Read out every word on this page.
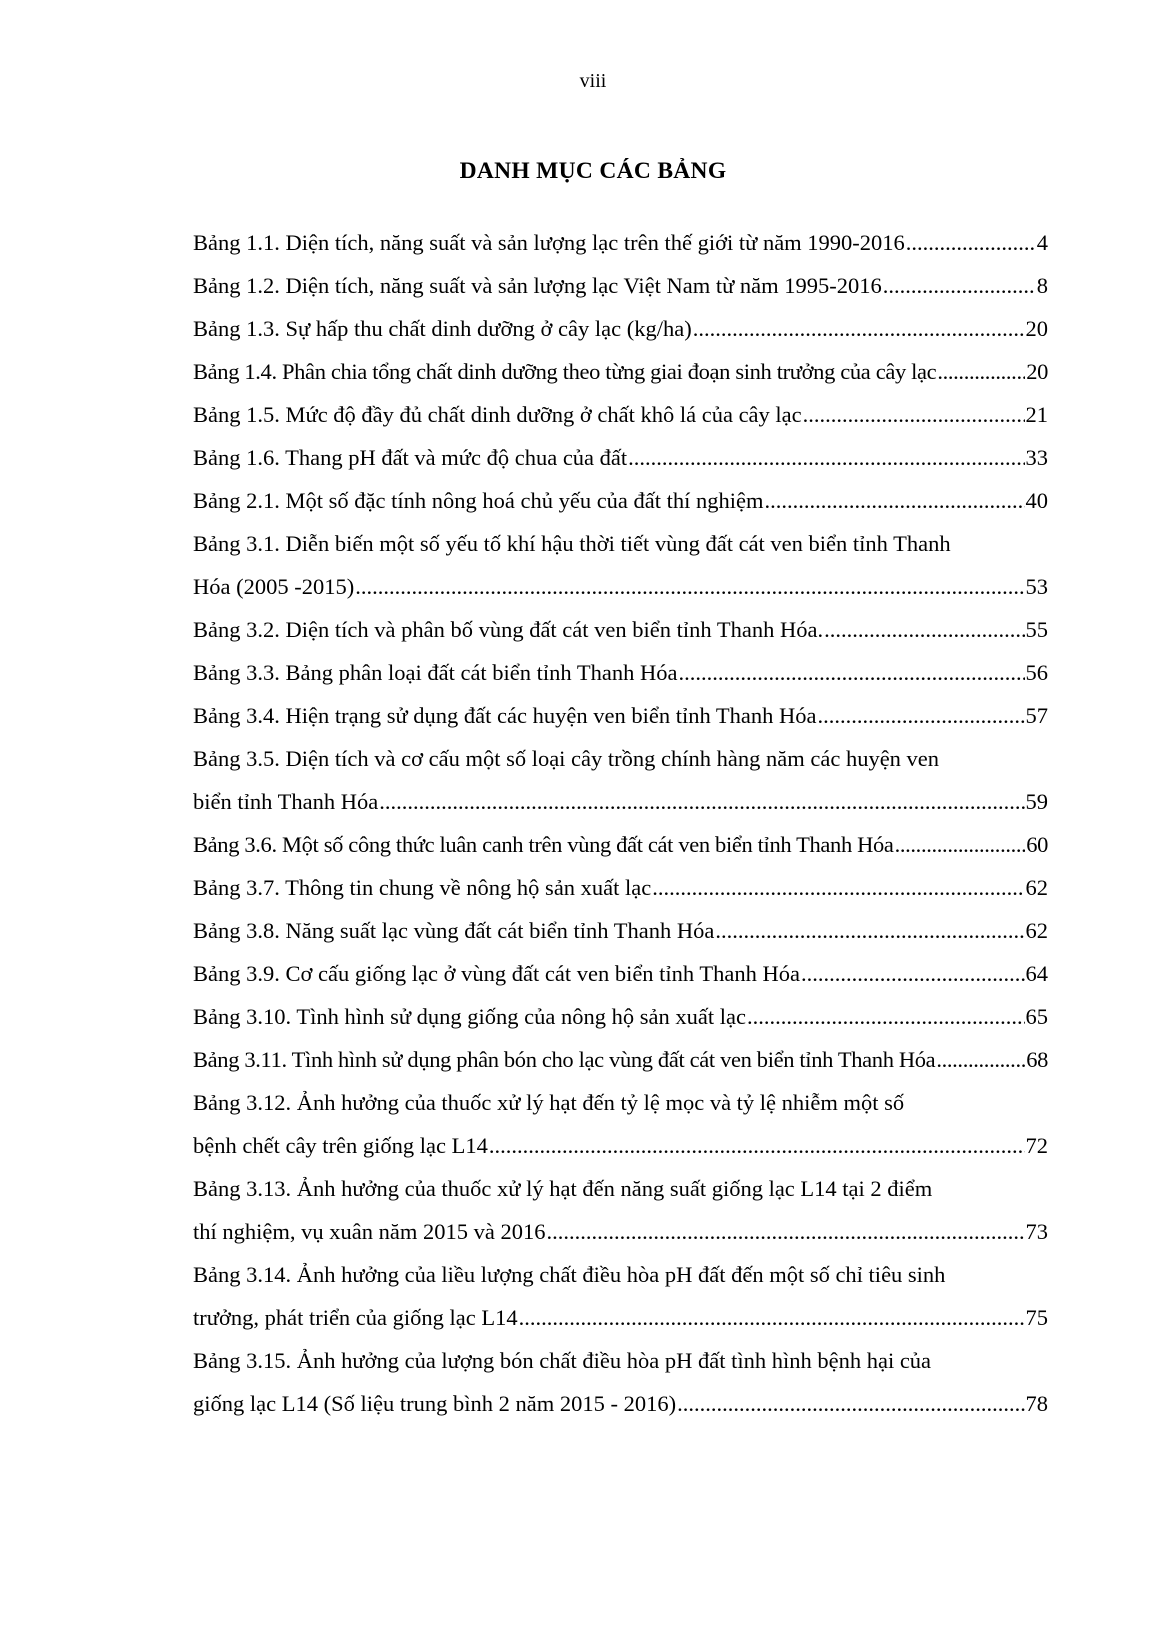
viii
DANH MỤC CÁC BẢNG
Bảng 1.1. Diện tích, năng suất và sản lượng lạc trên thế giới từ năm 1990-2016 .....	4
Bảng 1.2. Diện tích, năng suất và sản lượng lạc Việt Nam từ năm 1995-2016 .....	8
Bảng 1.3. Sự hấp thu chất dinh dưỡng ở cây lạc (kg/ha) .....	20
Bảng 1.4. Phân chia tổng chất dinh dưỡng theo từng giai đoạn sinh trưởng của cây lạc .....	20
Bảng 1.5. Mức độ đầy đủ chất dinh dưỡng ở chất khô lá của cây lạc .....	21
Bảng 1.6. Thang pH đất và mức độ chua của đất .....	33
Bảng 2.1. Một số đặc tính nông hoá chủ yếu của đất thí nghiệm .....	40
Bảng 3.1. Diễn biến một số yếu tố khí hậu thời tiết vùng đất cát ven biển tỉnh Thanh
Hóa (2005 -2015) .....	53
Bảng 3.2. Diện tích và phân bố vùng đất cát ven biển tỉnh Thanh Hóa. .....	55
Bảng 3.3. Bảng phân loại đất cát biển tỉnh Thanh Hóa .....	56
Bảng 3.4. Hiện trạng sử dụng đất các huyện ven biển tỉnh Thanh Hóa .....	57
Bảng 3.5. Diện tích và cơ cấu một số loại cây trồng chính hàng năm các huyện ven
biển tỉnh Thanh Hóa .....	59
Bảng 3.6. Một số công thức luân canh trên vùng đất cát ven biển tỉnh Thanh Hóa .....	60
Bảng 3.7. Thông tin chung về nông hộ sản xuất lạc .....	62
Bảng 3.8. Năng suất lạc vùng đất cát biển tỉnh Thanh Hóa .....	62
Bảng 3.9. Cơ cấu giống lạc ở vùng đất cát ven biển tỉnh Thanh Hóa .....	64
Bảng 3.10. Tình hình sử dụng giống của nông hộ sản xuất lạc .....	65
Bảng 3.11. Tình hình sử dụng phân bón cho lạc vùng đất cát ven biển tỉnh Thanh Hóa .....	68
Bảng 3.12. Ảnh hưởng của thuốc xử lý hạt đến tỷ lệ mọc và tỷ lệ nhiễm một số
bệnh chết cây trên giống lạc L14 .....	72
Bảng 3.13. Ảnh hưởng của thuốc xử lý hạt đến năng suất giống lạc L14 tại 2 điểm
thí nghiệm, vụ xuân năm 2015 và 2016 .....	73
Bảng 3.14. Ảnh hưởng của liều lượng chất điều hòa pH đất đến một số chỉ tiêu sinh
trưởng, phát triển của giống lạc L14 .....	75
Bảng 3.15. Ảnh hưởng của lượng bón chất điều hòa pH đất tình hình bệnh hại của
giống lạc L14 (Số liệu trung bình 2 năm 2015 - 2016) .....	78
